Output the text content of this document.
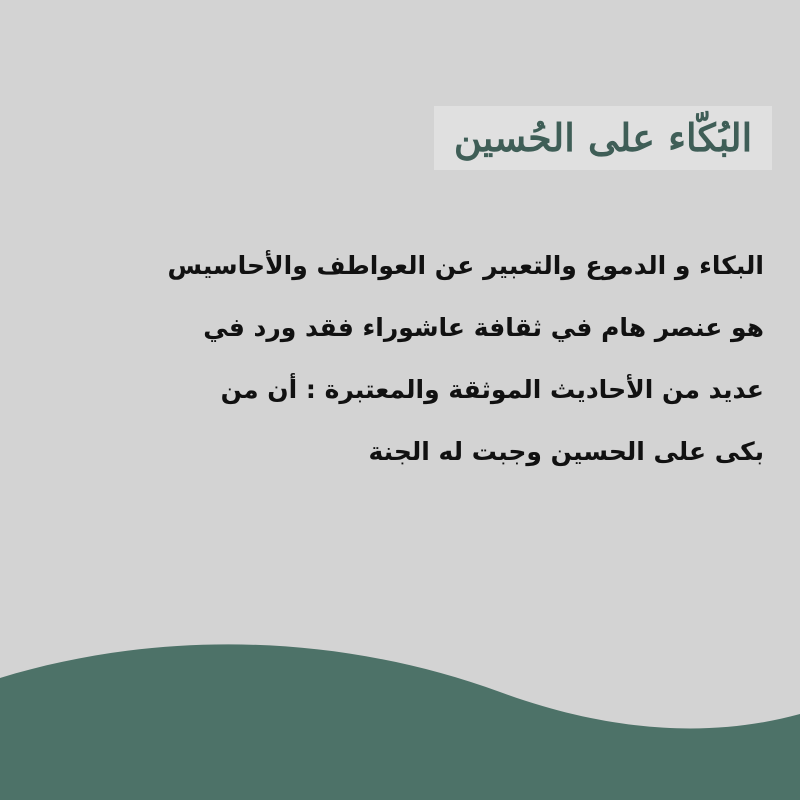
البُكّاء على الحُسين
البكاء و الدموع والتعبير عن العواطف والأحاسيس
هو عنصر هام في ثقافة عاشوراء فقد ورد في
عديد من الأحاديث الموثقة والمعتبرة : أن من
بكى على الحسين وجبت له الجنة
